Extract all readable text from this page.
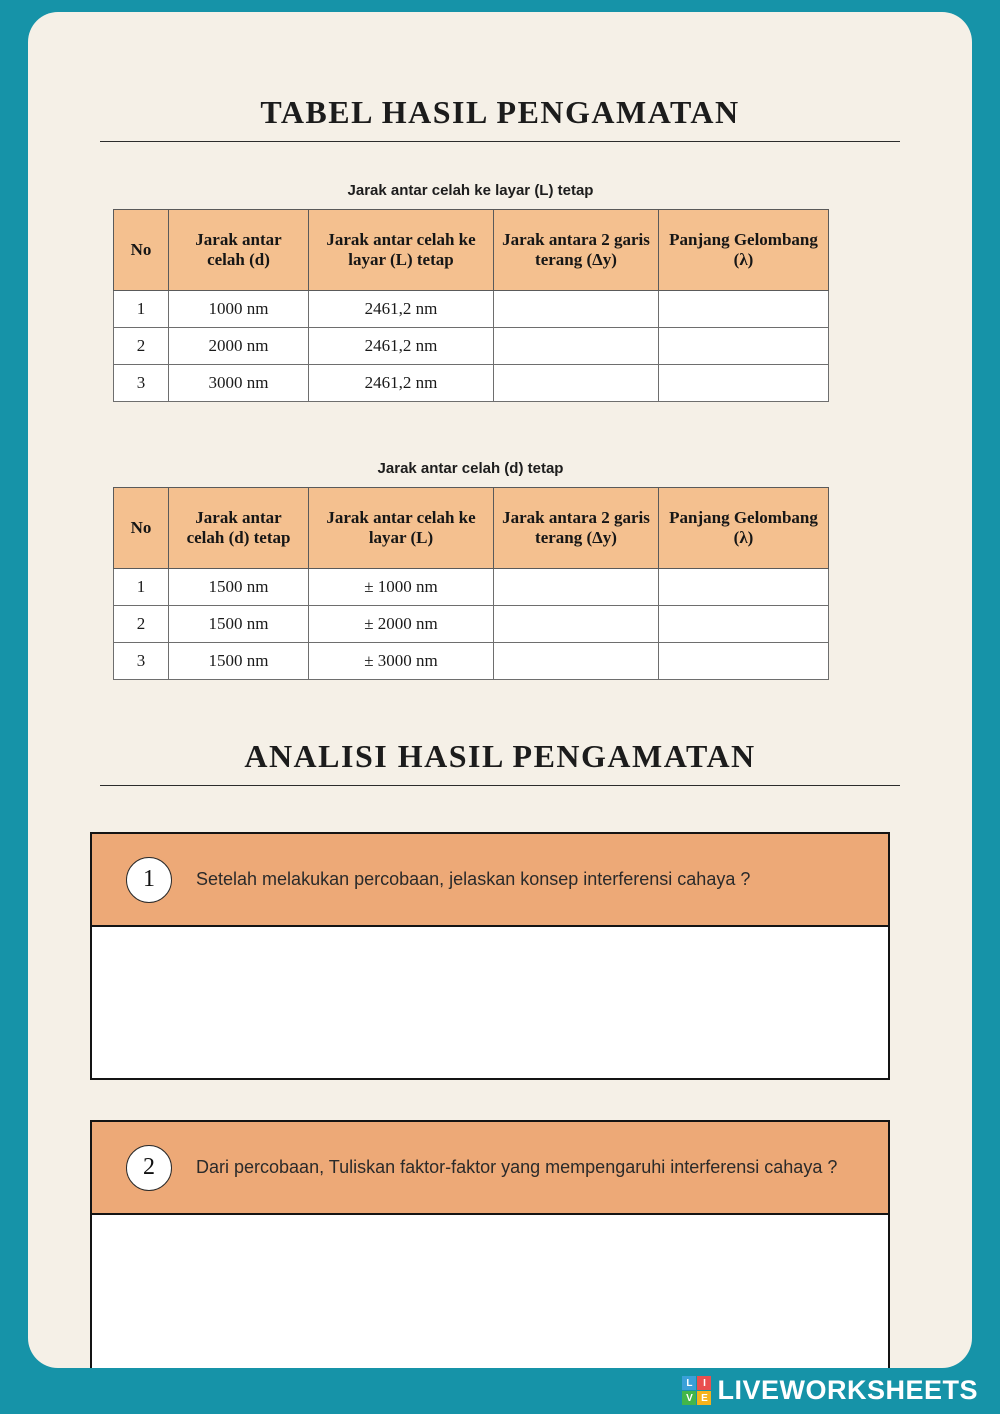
TABEL HASIL PENGAMATAN
Jarak antar celah ke layar (L) tetap
No	Jarak antar celah (d)	Jarak antar celah ke layar (L) tetap	Jarak antara 2 garis terang (Δy)	Panjang Gelombang (λ)
1	1000 nm	2461,2 nm		
2	2000 nm	2461,2 nm		
3	3000 nm	2461,2 nm		
Jarak antar celah (d) tetap
No	Jarak antar celah (d) tetap	Jarak antar celah ke layar (L)	Jarak antara 2 garis terang (Δy)	Panjang Gelombang (λ)
1	1500 nm	± 1000 nm		
2	1500 nm	± 2000 nm		
3	1500 nm	± 3000 nm		
ANALISI HASIL PENGAMATAN
1	Setelah melakukan percobaan, jelaskan konsep interferensi cahaya ?
2	Dari percobaan, Tuliskan faktor-faktor yang mempengaruhi interferensi cahaya ?
L	I
V E LIVEWORKSHEETS
